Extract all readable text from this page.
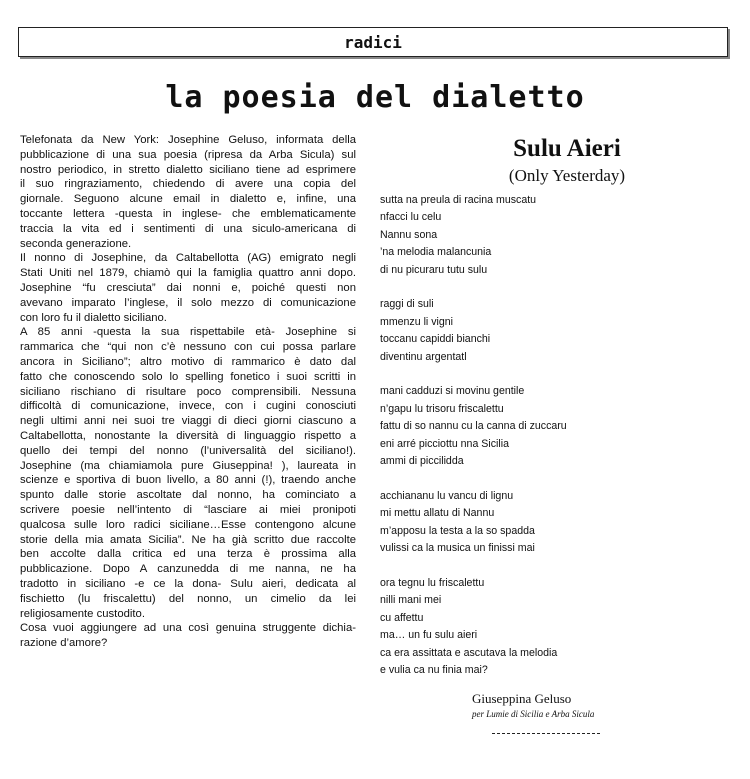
radici
la poesia del dialetto
Telefonata da New York: Josephine Geluso, informata della
pubblicazione di una sua poesia (ripresa da Arba Sicula) sul
nostro periodico, in stretto dialetto siciliano tiene ad esprimere
il suo ringraziamento, chiedendo di avere una copia del
giornale. Seguono alcune email in dialetto e, infine, una
toccante lettera -questa in inglese- che emblematicamente
traccia la vita ed i sentimenti di una siculo-americana di
seconda generazione.
Il nonno di Josephine, da Caltabellotta (AG) emigrato negli
Stati Uniti nel 1879, chiamò qui la famiglia quattro anni dopo.
Josephine “fu cresciuta” dai nonni e, poiché questi non
avevano imparato l’inglese, il solo mezzo di comunicazione
con loro fu il dialetto siciliano.
A 85 anni -questa la sua rispettabile età- Josephine si
rammarica che “qui non c’è nessuno con cui possa parlare
ancora in Siciliano”; altro motivo di rammarico è dato dal
fatto che conoscendo solo lo spelling fonetico i suoi scritti in
siciliano rischiano di risultare poco comprensibili. Nessuna
difficoltà di comunicazione, invece, con i cugini conosciuti
negli ultimi anni nei suoi tre viaggi di dieci giorni ciascuno a
Caltabellotta, nonostante la diversità di linguaggio rispetto a
quello dei tempi del nonno (l’universalità del siciliano!).
Josephine (ma chiamiamola pure Giuseppina! ), laureata in
scienze e sportiva di buon livello, a 80 anni (!), traendo anche
spunto dalle storie ascoltate dal nonno, ha cominciato a
scrivere poesie nell’intento di “lasciare ai miei pronipoti
qualcosa sulle loro radici siciliane…Esse contengono alcune
storie della mia amata Sicilia”. Ne ha già scritto due raccolte
ben accolte dalla critica ed una terza è prossima alla
pubblicazione. Dopo A canzunedda di me nanna, ne ha
tradotto in siciliano -e ce la dona- Sulu aieri, dedicata al
fischietto (lu friscalettu) del nonno, un cimelio da lei
religiosamente custodito.
Cosa vuoi aggiungere ad una così genuina struggente dichia-
razione d’amore?
Sulu Aieri
(Only Yesterday)
sutta na preula di racina muscatu
nfacci lu celu
Nannu sona
’na melodia malancunia
di nu picuraru tutu sulu
raggi di suli
mmenzu li vigni
toccanu capiddi bianchi
diventinu argentatl
mani cadduzi si movinu gentile
n’gapu lu trisoru friscalettu
fattu di so nannu cu la canna di zuccaru
eni arré picciottu nna Sicilia
ammi di piccilidda
acchiananu lu vancu di lignu
mi mettu allatu di Nannu
m’apposu la testa a la so spadda
vulissi ca la musica un finissi mai
ora tegnu lu friscalettu
nilli mani mei
cu affettu
ma… un fu sulu aieri
ca era assittata e ascutava la melodia
e vulia ca nu finia mai?
Giuseppina Geluso
per Lumie di Sicilia e Arba Sicula
